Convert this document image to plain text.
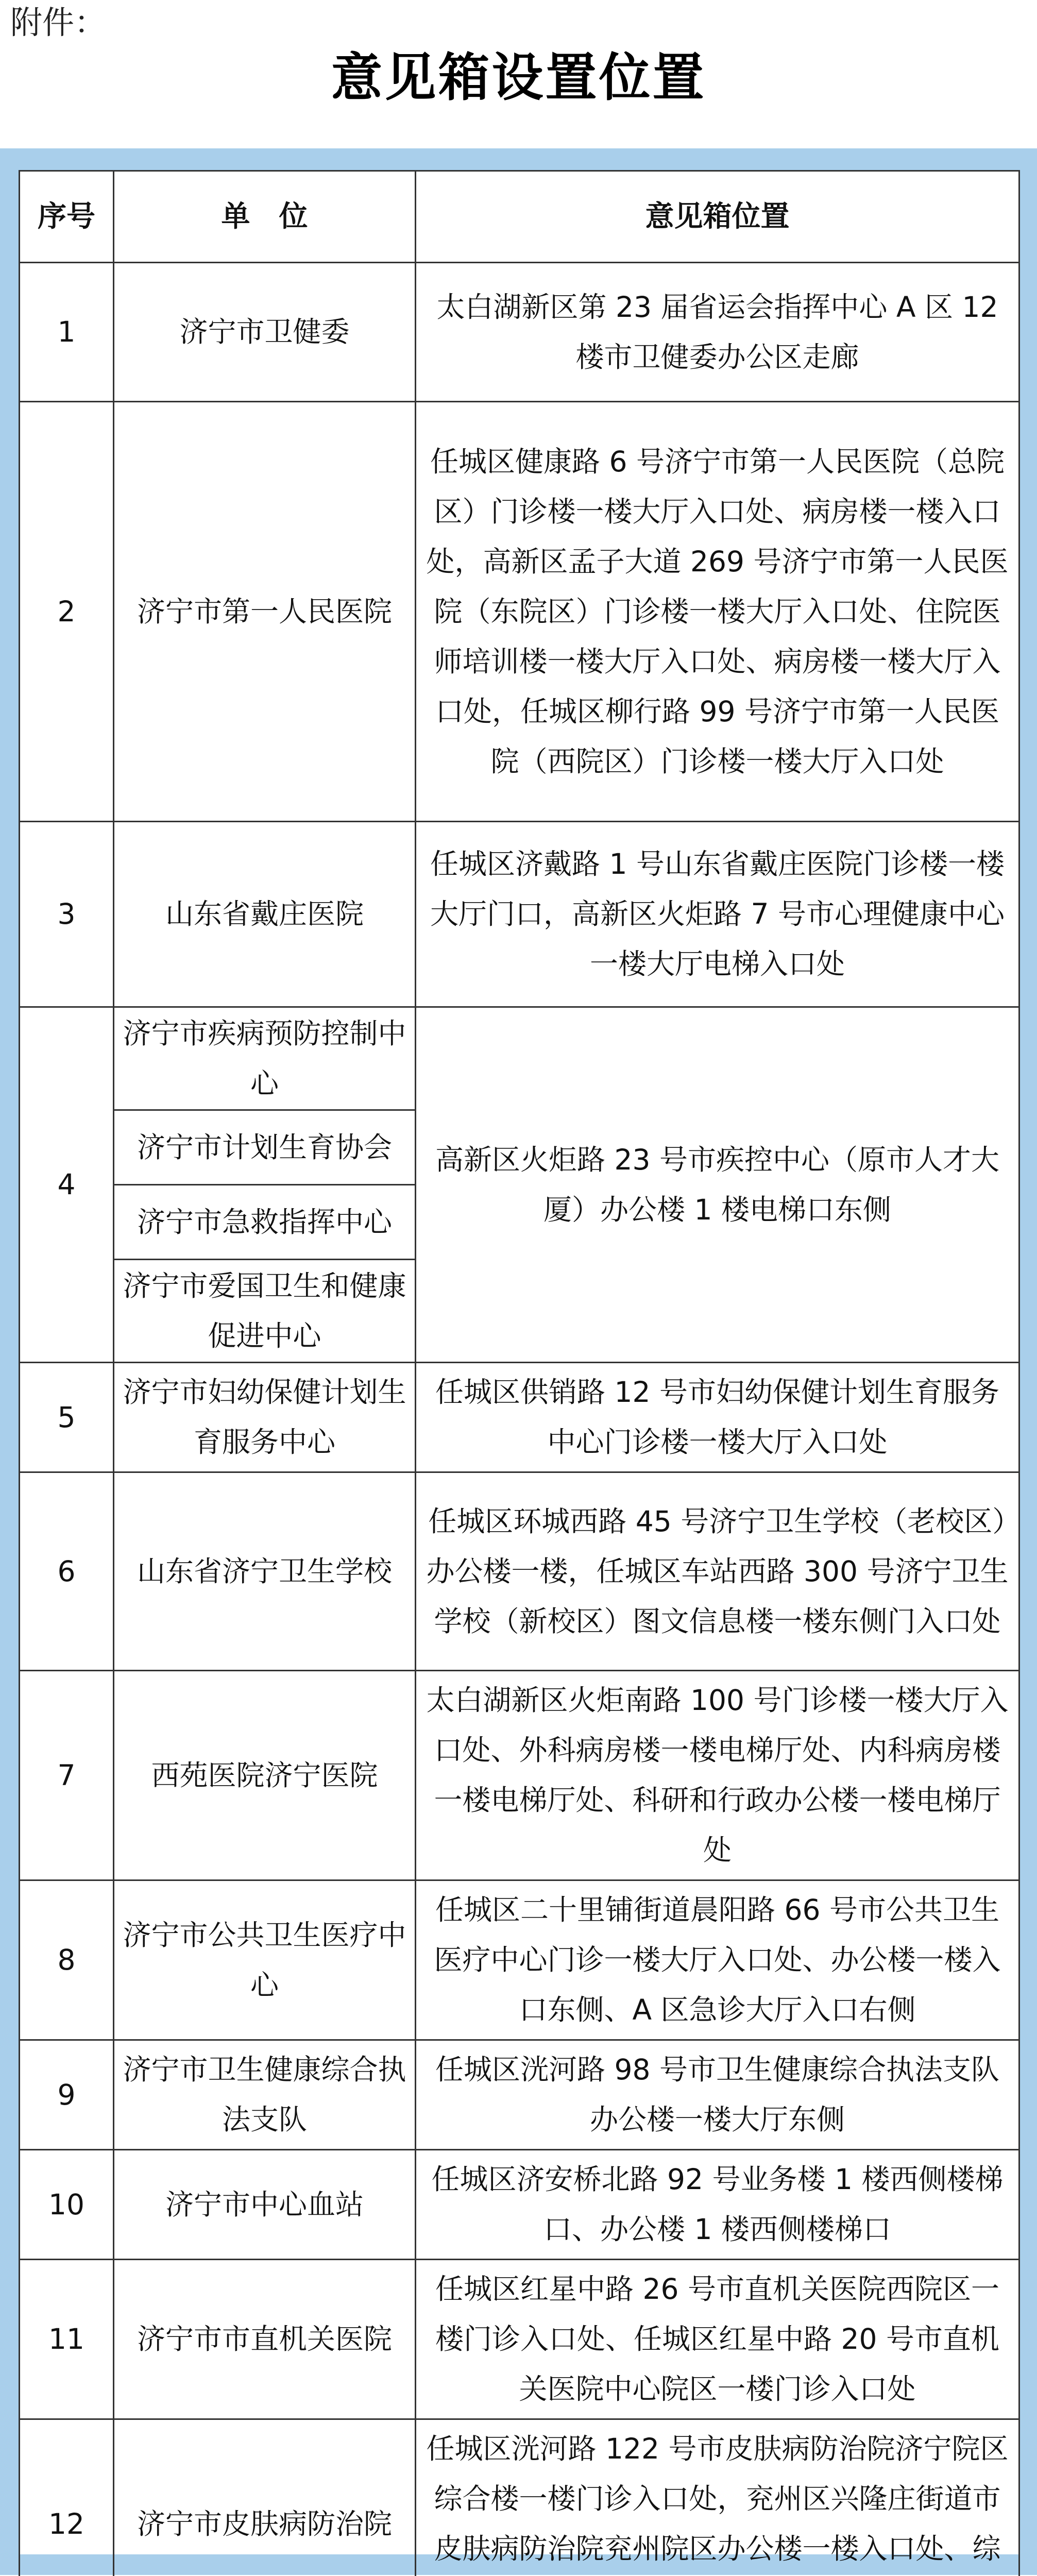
附件：
意见箱设置位置
序号	单　位	意见箱位置
1	济宁市卫健委	太白湖新区第 23 届省运会指挥中心 A 区 12 楼市卫健委办公区走廊
2	济宁市第一人民医院	任城区健康路 6 号济宁市第一人民医院（总院区）门诊楼一楼大厅入口处、病房楼一楼入口处，高新区孟子大道 269 号济宁市第一人民医院（东院区）门诊楼一楼大厅入口处、住院医师培训楼一楼大厅入口处、病房楼一楼大厅入口处，任城区柳行路 99 号济宁市第一人民医院（西院区）门诊楼一楼大厅入口处
3	山东省戴庄医院	任城区济戴路 1 号山东省戴庄医院门诊楼一楼大厅门口，高新区火炬路 7 号市心理健康中心一楼大厅电梯入口处
4	济宁市疾病预防控制中心	高新区火炬路 23 号市疾控中心（原市人才大厦）办公楼 1 楼电梯口东侧
	济宁市计划生育协会	
	济宁市急救指挥中心	
	济宁市爱国卫生和健康促进中心	
5	济宁市妇幼保健计划生育服务中心	任城区供销路 12 号市妇幼保健计划生育服务中心门诊楼一楼大厅入口处
6	山东省济宁卫生学校	任城区环城西路 45 号济宁卫生学校（老校区）办公楼一楼，任城区车站西路 300 号济宁卫生学校（新校区）图文信息楼一楼东侧门入口处
7	西苑医院济宁医院	太白湖新区火炬南路 100 号门诊楼一楼大厅入口处、外科病房楼一楼电梯厅处、内科病房楼一楼电梯厅处、科研和行政办公楼一楼电梯厅处
8	济宁市公共卫生医疗中心	任城区二十里铺街道晨阳路 66 号市公共卫生医疗中心门诊一楼大厅入口处、办公楼一楼入口东侧、A 区急诊大厅入口右侧
9	济宁市卫生健康综合执法支队	任城区洸河路 98 号市卫生健康综合执法支队办公楼一楼大厅东侧
10	济宁市中心血站	任城区济安桥北路 92 号业务楼 1 楼西侧楼梯口、办公楼 1 楼西侧楼梯口
11	济宁市市直机关医院	任城区红星中路 26 号市直机关医院西院区一楼门诊入口处、任城区红星中路 20 号市直机关医院中心院区一楼门诊入口处
12	济宁市皮肤病防治院	任城区洸河路 122 号市皮肤病防治院济宁院区综合楼一楼门诊入口处，兖州区兴隆庄街道市皮肤病防治院兖州院区办公楼一楼入口处、综
